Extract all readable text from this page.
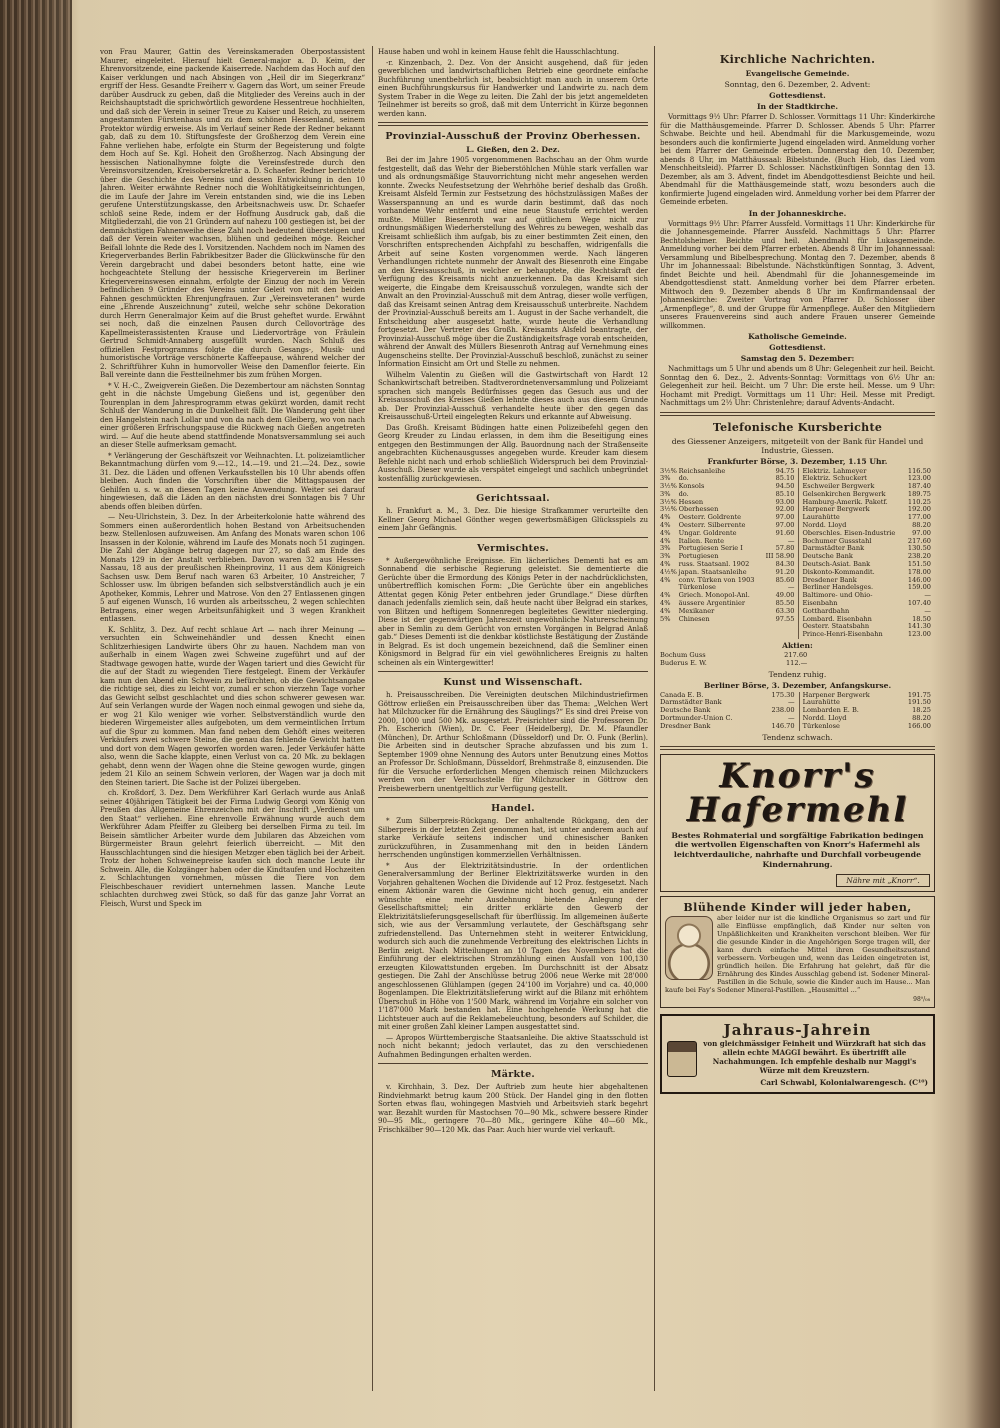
von Frau Maurer, Gattin des Vereinskameraden Oberpostassistent Maurer, eingeleitet. Hierauf hielt General-major a. D. Keim, der Ehrenvorsitzende, eine packende Kaiserrede. Nachdem das Hoch auf den Kaiser verklungen und nach Absingen von „Heil dir im Siegerkranz“ ergriff der Hess. Gesandte Freiherr v. Gagern das Wort, um seiner Freude darüber Ausdruck zu geben, daß die Mitglieder des Vereins auch in der Reichshauptstadt die sprichwörtlich gewordene Hessentreue hochhielten, und daß sich der Verein in seiner Treue zu Kaiser und Reich, zu unserem angestammten Fürstenhaus und zu dem schönen Hessenland, seinem Protektor würdig erweise. Als im Verlauf seiner Rede der Redner bekannt gab, daß zu dem 10. Stiftungsfeste der Großherzog dem Verein eine Fahne verliehen habe, erfolgte ein Sturm der Begeisterung und folgte dem Hoch auf Se. Kgl. Hoheit den Großherzog. Nach Absingung der hessischen Nationalhymne folgte die Vereinsfestrede durch den Vereinsvorsitzenden, Kreisobersekretär a. D. Schaefer. Redner berichtete über die Geschichte des Vereins und dessen Entwicklung in den 10 Jahren. Weiter erwähnte Redner noch die Wohltätigkeitseinrichtungen, die im Laufe der Jahre im Verein entstanden sind, wie die ins Leben gerufene Unterstützungskasse, den Arbeitsnachweis usw. Dr. Schaefer schloß seine Rede, indem er der Hoffnung Ausdruck gab, daß die Mitgliederzahl, die von 21 Gründern auf nahezu 100 gestiegen ist, bei der demnächstigen Fahnenweihe diese Zahl noch bedeutend übersteigen und daß der Verein weiter wachsen, blühen und gedeihen möge. Reicher Beifall lohnte die Rede des I. Vorsitzenden. Nachdem noch im Namen des Kriegerverbandes Berlin Fabrikbesitzer Bader die Glückwünsche für den Verein dargebracht und dabei besonders betont hatte, eine wie hochgeachtete Stellung der hessische Kriegerverein im Berliner Kriegervereinswesen einnahm, erfolgte der Einzug der noch im Verein befindlichen 9 Gründer des Vereins unter Geleit von mit den beiden Fahnen geschmückten Ehrenjungfrauen. Zur „Vereinsveteranen“ wurde eine „Ehrende Auszeichnung“ zuteil, welche sehr schöne Dekoration durch Herrn Generalmajor Keim auf die Brust geheftet wurde. Erwähnt sei noch, daß die einzelnen Pausen durch Cellovorträge des Kapellmeisterassistenten Krause und Liedervorträge von Fräulein Gertrud Schmidt-Annaberg ausgefüllt wurden. Nach Schluß des offiziellen Festprogramms folgte die durch Gesangs-, Musik- und humoristische Vorträge verschönerte Kaffeepause, während welcher der 2. Schriftführer Kuhn in humorvoller Weise den Damenflor feierte. Ein Ball vereinte dann die Festteilnehmer bis zum frühen Morgen.

* V. H.-C., Zweigverein Gießen. Die Dezembertour am nächsten Sonntag geht in die nächste Umgebung Gießens und ist, gegenüber den Tourenplan in dem Jahresprogramm etwas gekürzt worden, damit recht Schluß der Wanderung in die Dunkelheit fällt. Die Wanderung geht über den Hangelstein nach Lollar und von da nach dem Gleiberg, wo von nach einer größeren Erfrischungspause die Rückweg nach Gießen angetreten wird. — Auf die heute abend stattfindende Monatsversammlung sei auch an dieser Stelle aufmerksam gemacht.

* Verlängerung der Geschäftszeit vor Weihnachten. Lt. polizeiamtlicher Bekanntmachung dürfen vom 9.—12., 14.—19. und 21.—24. Dez., sowie 31. Dez. die Läden und offenen Verkaufsstellen bis 10 Uhr abends offen bleiben. Auch finden die Vorschriften über die Mittagspausen der Gehilfen u. s. w. an diesen Tagen keine Anwendung. Weiter sei darauf hingewiesen, daß die Läden an den nächsten drei Sonntagen bis 7 Uhr abends offen bleiben dürfen.

— Neu-Ulrichstein, 3. Dez. In der Arbeiterkolonie hatte während des Sommers einen außerordentlich hohen Bestand von Arbeitsuchenden bezw. Stellenlosen aufzuweisen. Am Anfang des Monats waren schon 106 Insassen in der Kolonie, während im Laufe des Monats noch 51 zugingen. Die Zahl der Abgänge betrug dagegen nur 27, so daß am Ende des Monats 129 in der Anstalt verblieben. Davon waren 32 aus Hessen-Nassau, 18 aus der preußischen Rheinprovinz, 11 aus dem Königreich Sachsen usw. Dem Beruf nach waren 63 Arbeiter, 10 Anstreicher, 7 Schlosser usw. Im übrigen befanden sich selbstverständlich auch je ein Apotheker, Kommis, Lehrer und Matrose. Von den 27 Entlassenen gingen 5 auf eigenen Wunsch, 16 wurden als arbeitsscheu, 2 wegen schlechten Betragens, einer wegen Arbeitsunfähigkeit und 3 wegen Krankheit entlassen.

K. Schlitz, 3. Dez. Auf recht schlaue Art — nach ihrer Meinung — versuchten ein Schweinehändler und dessen Knecht einen Schlitzerhiesigen Landwirte übers Ohr zu hauen. Nachdem man von außerhalb in einem Wagen zwei Schweine zugeführt und auf der Stadtwage gewogen hatte, wurde der Wagen tariert und dies Gewicht für die auf der Stadt zu wiegenden Tiere festgelegt. Einem der Verkäufer kam nun den Abend ein Schwein zu befürchten, ob die Gewichtsangabe die richtige sei, dies zu leicht vor, zumal er schon vierzehn Tage vorher das Gewicht selbst geschlachtet und dies schon schwerer gewesen war. Auf sein Verlangen wurde der Wagen noch einmal gewogen und siehe da, er wog 21 Kilo weniger wie vorher. Selbstverständlich wurde den biederen Wirgemeister alles aufgeboten, um dem vermeintlichen Irrtum auf die Spur zu kommen. Man fand neben dem Gehöft eines weiteren Verkäufers zwei schwere Steine, die genau das fehlende Gewicht hatten und dort von dem Wagen geworfen worden waren. Jeder Verkäufer hätte also, wenn die Sache klappte, einen Verlust von ca. 20 Mk. zu beklagen gehabt, denn wenn der Wagen ohne die Steine gewogen wurde, gingen jedem 21 Kilo an seinem Schwein verloren, der Wagen war ja doch mit den Steinen tariert. Die Sache ist der Polizei übergeben.

ch. Kroßdorf, 3. Dez. Dem Werkführer Karl Gerlach wurde aus Anlaß seiner 40jährigen Tätigkeit bei der Firma Ludwig Georgi vom König von Preußen das Allgemeine Ehrenzeichen mit der Inschrift „Verdienst um den Staat“ verliehen. Eine ehrenvolle Erwähnung wurde auch dem Werkführer Adam Pfeiffer zu Gleiberg bei derselben Firma zu teil. Im Beisein sämtlicher Arbeiter wurde dem Jubilaren das Abzeichen vom Bürgermeister Braun gelehrt feierlich überreicht. — Mit den Hausschlachtungen sind die hiesigen Metzger eben täglich bei der Arbeit. Trotz der hohen Schweinepreise kaufen sich doch manche Leute ihr Schwein. Alle, die Kolzgänger haben oder die Kindtaufen und Hochzeiten z. Schlachtungen vornehmen, müssen die Tiere von dem Fleischbeschauer revidiert unternehmen lassen. Manche Leute schlachten durchweg zwei Stück, so daß für das ganze Jahr Vorrat an Fleisch, Wurst und Speck im

Hause haben und wohl in keinem Hause fehlt die Hausschlachtung.

-r. Kinzenbach, 2. Dez. Von der Ansicht ausgehend, daß für jeden gewerblichen und landwirtschaftlichen Betrieb eine geordnete einfache Buchführung unentbehrlich ist, beabsichtigt man auch in unserem Orte einen Buchführungskursus für Handwerker und Landwirte zu. nach dem System Traber in die Wege zu leiten. Die Zahl der bis jetzt angemeldeten Teilnehmer ist bereits so groß, daß mit dem Unterricht in Kürze begonnen werden kann.

Provinzial-Ausschuß der Provinz Oberhessen.
L. Gießen, den 2. Dez.

Bei der im Jahre 1905 vorgenommenen Bachschau an der Ohm wurde festgestellt, daß das Wehr der Bieberstöhlchen Mühle stark verfallen war und als ordnungsmäßige Stauvorrichtung nicht mehr angesehen werden konnte. Zwecks Neufestsetzung der Wehrhöhe berief deshalb das Großh. Kreisamt Alsfeld Termin zur Festsetzung des höchstzulässigen Maßes der Wasserspannung an und es wurde darin bestimmt, daß das noch vorhandene Wehr entfernt und eine neue Staustufe errichtet werden mußte. Müller Biesenroth war auf gütlichem Wege nicht zur ordnungsmäßigen Wiederherstellung des Wehres zu bewegen, weshalb das Kreisamt schließlich ihm aufgab, bis zu einer bestimmten Zeit einen, den Vorschriften entsprechenden Aichpfahl zu beschaffen, widrigenfalls die Arbeit auf seine Kosten vorgenommen werde. Nach längeren Verhandlungen richtete nunmehr der Anwalt des Biesenroth eine Eingabe an den Kreisausschuß, in welcher er behauptete, die Rechtskraft der Verfügung des Kreisamts nicht anzuerkennen. Da das Kreisamt sich weigerte, die Eingabe dem Kreisausschuß vorzulegen, wandte sich der Anwalt an den Provinzial-Ausschuß mit dem Antrag, dieser wolle verfügen, daß das Kreisamt seinen Antrag dem Kreisausschuß unterbreite. Nachdem der Provinzial-Ausschuß bereits am 1. August in der Sache verhandelt, die Entscheidung aber ausgesetzt hatte, wurde heute die Verhandlung fortgesetzt. Der Vertreter des Großh. Kreisamts Alsfeld beantragte, der Provinzial-Ausschuß möge über die Zuständigkeitsfrage vorab entscheiden, während der Anwalt des Müllers Biesenroth Antrag auf Vernehmung eines Augenscheins stellte. Der Provinzial-Ausschuß beschloß, zunächst zu seiner Information Einsicht am Ort und Stelle zu nehmen.

Wilhelm Valentin zu Gießen will die Gastwirtschaft von Hardt 12 Schankwirtschaft betreiben. Stadtverordnetenversammlung und Polizeiamt sprachen sich mangels Bedürfnisses gegen das Gesuch aus und der Kreisausschuß des Kreises Gießen lehnte dieses auch aus diesem Grunde ab. Der Provinzial-Ausschuß verhandelte heute über den gegen das Kreisausschuß-Urteil eingelegten Rekurs und erkannte auf Abweisung.

Das Großh. Kreisamt Büdingen hatte einen Polizeibefehl gegen den Georg Kreuder zu Lindau erlassen, in dem ihm die Beseitigung eines entgegen den Bestimmungen der Allg. Bauordnung nach der Straßenseite angebrachten Küchenausgusses angegeben wurde. Kreuder kam diesem Befehle nicht nach und erhob schließlich Widerspruch bei dem Provinzial-Ausschuß. Dieser wurde als verspätet eingelegt und sachlich unbegründet kostenfällig zurückgewiesen.

Gerichtssaal.

h. Frankfurt a. M., 3. Dez. Die hiesige Strafkammer verurteilte den Kellner Georg Michael Gönther wegen gewerbsmäßigen Glücksspiels zu einem Jahr Gefängnis.

Vermischtes.

* Außergewöhnliche Ereignisse. Ein lächerliches Dementi hat es am Sonnabend die serbische Regierung geleistet. Sie dementierte die Gerüchte über die Ermordung des Königs Peter in der nachdrücklichsten, unübertrefflich komischen Form: „Die Gerüchte über ein angebliches Attentat gegen König Peter entbehren jeder Grundlage.“ Diese dürften danach jedenfalls ziemlich sein, daß heute nacht über Belgrad ein starkes, von Blitzen und heftigem Sonnenregen begleitetes Gewitter niederging. Diese ist der gegenwärtigen Jahreszeit ungewöhnliche Naturerscheinung aber in Semlin zu dem Gerücht von ernsten Vorgängen in Belgrad Anlaß gab.“ Dieses Dementi ist die denkbar köstlichste Bestätigung der Zustände in Belgrad. Es ist doch ungemein bezeichnend, daß die Semliner einen Königsmord in Belgrad für ein viel gewöhnlicheres Ereignis zu halten scheinen als ein Wintergewitter!

Kunst und Wissenschaft.

h. Preisausschreiben. Die Vereinigten deutschen Milchindustriefirmen Göttrow erließen ein Preisausschreiben über das Thema: „Welchen Wert hat Milchzucker für die Ernährung des Säuglings?“ Es sind drei Preise von 2000, 1000 und 500 Mk. ausgesetzt. Preisrichter sind die Professoren Dr. Ph. Escherich (Wien), Dr. C. Feer (Heidelberg), Dr. M. Pfaundler (München), Dr. Arthur Schloßmann (Düsseldorf) und Dr. O. Funk (Berlin). Die Arbeiten sind in deutscher Sprache abzufassen und bis zum 1. September 1909 ohne Nennung des Autors unter Benutzung eines Mottos an Professor Dr. Schloßmann, Düsseldorf, Brehmstraße 8, einzusenden. Die für die Versuche erforderlichen Mengen chemisch reinen Milchzuckers werden von der Versuchsstelle für Milchzucker in Göttrow den Preisbewerbern unentgeltlich zur Verfügung gestellt.

Handel.

* Zum Silberpreis-Rückgang. Der anhaltende Rückgang, den der Silberpreis in der letzten Zeit genommen hat, ist unter anderem auch auf starke Verkäufe seitens indischer und chinesischer Banken zurückzuführen, in Zusammenhang mit den in beiden Ländern herrschenden ungünstigen kommerziellen Verhältnissen.

* Aus der Elektrizitätsindustrie. In der ordentlichen Generalversammlung der Berliner Elektrizitätswerke wurden in den Vorjahren gehaltenen Wochen die Dividende auf 12 Proz. festgesetzt. Nach einem Aktionär waren die Gewinne nicht hoch genug, ein anderer wünschte eine mehr Ausdehnung bietende Anlegung der Gesellschaftsmittel; ein dritter erklärte den Gewerb der Elektrizitätslieferungsgesellschaft für überflüssig. Im allgemeinen äußerte sich, wie aus der Versammlung verlautete, der Geschäftsgang sehr zufriedenstellend. Das Unternehmen steht in weiterer Entwicklung, wodurch sich auch die zunehmende Verbreitung des elektrischen Lichts in Berlin zeigt. Nach Mitteilungen an 10 Tagen des Novembers hat die Einführung der elektrischen Stromzählung einen Ausfall von 100,130 erzeugten Kilowattstunden ergeben. Im Durchschnitt ist der Absatz gestiegen. Die Zahl der Anschlüsse betrug 2006 neue Werke mit 28'000 angeschlossenen Glühlampen (gegen 24'100 im Vorjahre) und ca. 40,000 Bogenlampen. Die Elektrizitätslieferung wirkt auf die Bilanz mit erhöhtem Überschuß in Höhe von 1'500 Mark, während im Vorjahre ein solcher von 1'187'000 Mark bestanden hat. Eine hochgehende Werkung hat die Lichtsteuer auch auf die Reklamebeleuchtung, besonders auf Schilder, die mit einer großen Zahl kleiner Lampen ausgestattet sind.

— Apropos Württembergische Staatsanleihe. Die aktive Staatsschuld ist noch nicht bekannt; jedoch verlautet, das zu den verschiedenen Aufnahmen Bedingungen erhalten werden.

Märkte.

v. Kirchhain, 3. Dez. Der Auftrieb zum heute hier abgehaltenen Rindviehmarkt betrug kaum 200 Stück. Der Handel ging in den flotten Sorten etwas flau, wohingegen Mastvieh und Arbeitsvieh stark begehrt war. Bezahlt wurden für Mastochsen 70—90 Mk., schwere bessere Rinder 90—95 Mk., geringere 70—80 Mk., geringere Kühe 40—60 Mk., Frischkälber 90—120 Mk. das Paar. Auch hier wurde viel verkauft.

Kirchliche Nachrichten.
Evangelische Gemeinde.
Sonntag, den 6. Dezember, 2. Advent:
Gottesdienst.
In der Stadtkirche.

Vormittags 9½ Uhr: Pfarrer D. Schlosser. Vormittags 11 Uhr: Kinderkirche für die Matthäusgemeinde. Pfarrer D. Schlosser. Abends 5 Uhr: Pfarrer Schwabe. Beichte und heil. Abendmahl für die Markusgemeinde, wozu besonders auch die konfirmierte Jugend eingeladen wird. Anmeldung vorher bei dem Pfarrer der Gemeinde erbeten. Donnerstag den 10. Dezember, abends 8 Uhr, im Matthäussaal: Bibelstunde. (Buch Hiob, das Lied vom Menschheitsleid). Pfarrer D. Schlosser. Nächstkünftigen Sonntag den 13. Dezember, als am 3. Advent, findet im Abendgottesdienst Beichte und heil. Abendmahl für die Matthäusgemeinde statt, wozu besonders auch die konfirmierte Jugend eingeladen wird. Anmeldung vorher bei dem Pfarrer der Gemeinde erbeten.

In der Johanneskirche.

Vormittags 9½ Uhr: Pfarrer Aussfeld. Vormittags 11 Uhr: Kinderkirche für die Johannesgemeinde. Pfarrer Aussfeld. Nachmittags 5 Uhr: Pfarrer Bechtolsheimer. Beichte und heil. Abendmahl für Lukasgemeinde. Anmeldung vorher bei dem Pfarrer erbeten. Abends 8 Uhr im Johannessaal: Versammlung und Bibelbesprechung. Montag den 7. Dezember, abends 8 Uhr im Johannessaal: Bibelstunde. Nächstkünftigen Sonntag, 3. Advent, findet Beichte und heil. Abendmahl für die Johannesgemeinde im Abendgottesdienst statt. Anmeldung vorher bei dem Pfarrer erbeten. Mittwoch den 9. Dezember abends 8 Uhr im Konfirmandensaal der Johanneskirche: Zweiter Vortrag von Pfarrer D. Schlosser über „Armenpflege“, 8. und der Gruppe für Armenpflege. Außer den Mitgliedern unseres Frauenvereins sind auch andere Frauen unserer Gemeinde willkommen.

Katholische Gemeinde.
Gottesdienst.
Samstag den 5. Dezember:

Nachmittags um 5 Uhr und abends um 8 Uhr: Gelegenheit zur heil. Beicht. Sonntag den 6. Dez., 2. Advents-Sonntag: Vormittags von 6½ Uhr an: Gelegenheit zur heil. Beicht. um 7 Uhr: Die erste heil. Messe. um 9 Uhr: Hochamt mit Predigt. Vormittags um 11 Uhr: Heil. Messe mit Predigt. Nachmittags um 2½ Uhr: Christenlehre; darauf Advents-Andacht.

Telefonische Kursberichte
des Giessener Anzeigers, mitgeteilt von der Bank für Handel und Industrie, Giessen.
Frankfurter Börse, 3. Dezember, 1.15 Uhr.
3½%	Reichsanleihe	94.75	Elektriz. Lahmeyer	116.50
3%	do.	85.10	Elektriz. Schuckert	123.00
3½%	Konsols	94.50	Eschweiler Bergwerk	187.40
3%	do.	85.10	Gelsenkirchen Bergwerk	189.75
3½%	Hessen	93.00	Hamburg-Amerik. Paketf.	110.25
3½%	Oberhessen	92.00	Harpener Bergwerk	192.00
4%	Oesterr. Goldrente	97.00	Laurahütte	177.00
4%	Oesterr. Silberrente	97.00	Nordd. Lloyd	88.20
4%	Ungar. Goldrente	91.60	Oberschles. Eisen-Industrie	97.00
4%	Italien. Rente	—	Bochumer Gussstahl	217.60
3%	Portugiesen Serie I	57.80	Darmstädter Bank	130.50
3%	Portugiesen	III 58.90	Deutsche Bank	238.20
4%	russ. Staatsanl. 1902	84.30	Deutsch-Asiat. Bank	151.50
4½%	japan. Staatsanleihe	91.20	Diskonto-Kommandit.	178.00
4%	conv. Türken von 1903	85.60	Dresdener Bank	146.00
	Türkenlose	—	Berliner Handelsges.	159.00
4%	Griech. Monopol-Anl.	49.00	Baltimore- und Ohio-	—
4%	äussere Argentinier	85.50	Eisenbahn	107.40
4%	Mexikaner	63.30	Gotthardbahn	—
5%	Chinesen	97.55	Lombard. Eisenbahn	18.50
			Oesterr. Staatsbahn	141.30
			Prince-Henri-Eisenbahn	123.00
Aktien:
Bochum Guss	217.60
Buderus E. W.	112.—
Tendenz ruhig.
Berliner Börse, 3. Dezember, Anfangskurse.
Canada E. B.	175.30	Harpener Bergwerk	191.75
Darmstädter Bank	—	Laurahütte	191.50
Deutsche Bank	238.00	Lombarden E. B.	18.25
Dortmunder-Union C.	—	Nordd. Lloyd	88.20
Dresdner Bank	146.70	Türkenlose	166.00
Tendenz schwach.
Knorr's
Hafermehl
Bestes Rohmaterial und sorgfältige Fabrikation bedingen die wertvollen Eigenschaften von Knorr's Hafermehl als leichtverdauliche, nahrhafte und Durchfall vorbeugende Kindernahrung.
Nähre mit „Knorr“.
Blühende Kinder will jeder haben,

aber leider nur ist die kindliche Organismus so zart und für alle Einflüsse empfänglich, daß Kinder nur selten von Unpäßlichkeiten und Krankheiten verschont bleiben. Wer für die gesunde Kinder in die Angehörigen Sorge tragen will, der kann durch einfache Mittel ihren Gesundheitszustand verbessern. Vorbeugen und, wenn das Leiden eingetreten ist, gründlich heilen. Die Erfahrung hat gelehrt, daß für die Ernährung des Kindes Ausschlag gebend ist. Sodener Mineral-Pastillen in die Schule, sowie die Kinder auch im Hause... Man kaufe bei Fay's Sodener Mineral-Pastillen. „Hausmittel ...“

98⁰/₀₈
Jahraus-Jahrein
von gleichmässiger Feinheit und Würzkraft hat sich das allein echte MAGGI bewährt. Es übertrifft alle Nachahmungen. Ich empfehle deshalb nur Maggi's Würze mit dem Kreuzstern.
Carl Schwabl, Kolonialwarengesch. (C¹⁰)
